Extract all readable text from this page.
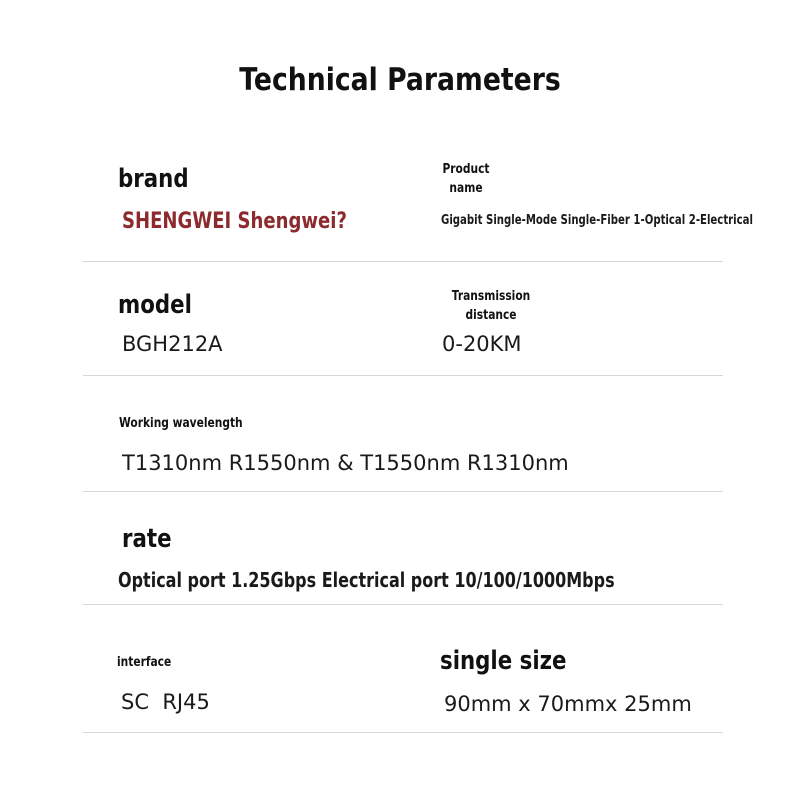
Technical Parameters
brand
SHENGWEI Shengwei?
Product
name
Gigabit Single-Mode Single-Fiber 1-Optical 2-Electrical
model
BGH212A
Transmission
distance
0-20KM
Working wavelength
T1310nm R1550nm & T1550nm R1310nm
rate
Optical port 1.25Gbps Electrical port 10/100/1000Mbps
interface
SC  RJ45
single size
90mm x 70mmx 25mm
